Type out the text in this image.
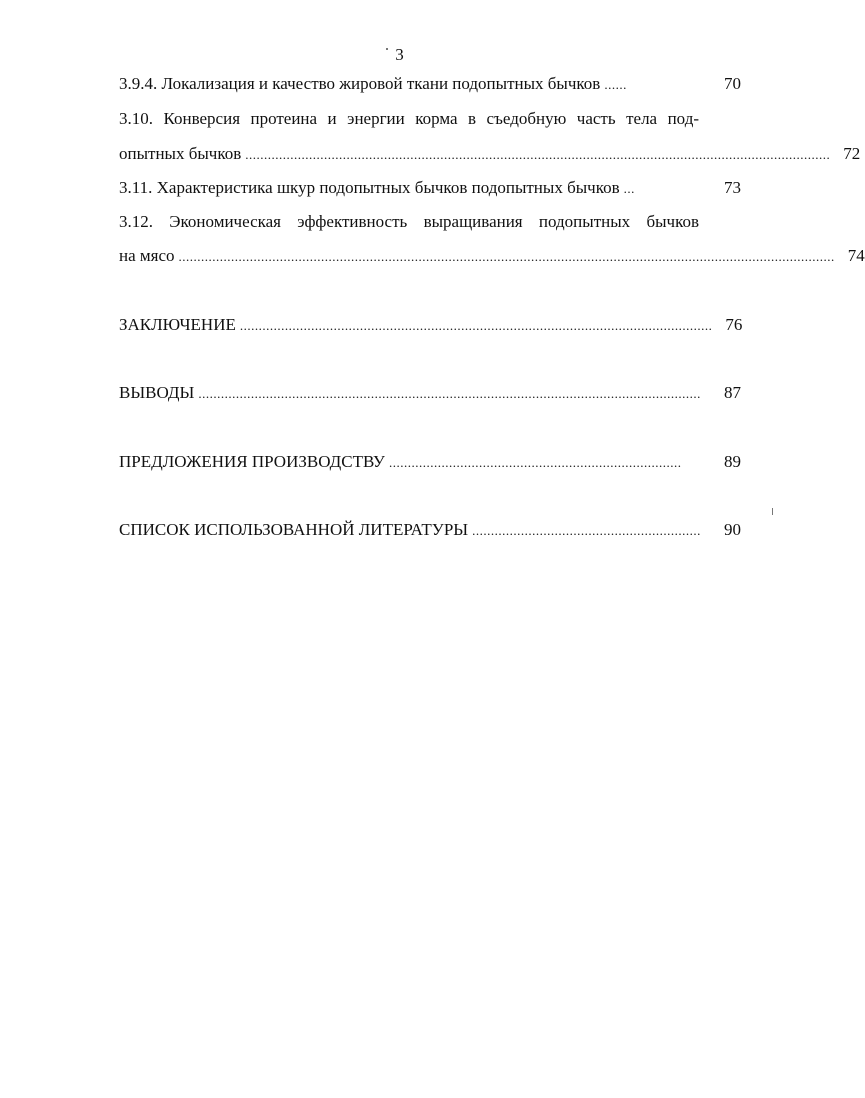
3
3.9.4. Локализация и качество жировой ткани подопытных бычков ......	70
3.10. Конверсия протеина и энергии корма в съедобную часть тела под-
опытных бычков ............................................................................................................................................................ 72
3.11. Характеристика шкур подопытных бычков подопытных бычков ...	73
3.12. Экономическая эффективность выращивания подопытных бычков
на мясо ............................................................................................................................................................................... 74
ЗАКЛЮЧЕНИЕ .............................................................................................................................. 76
ВЫВОДЫ ......................................................................................................................................	87
ПРЕДЛОЖЕНИЯ ПРОИЗВОДСТВУ ..............................................................................	89
СПИСОК ИСПОЛЬЗОВАННОЙ ЛИТЕРАТУРЫ .............................................................	90
